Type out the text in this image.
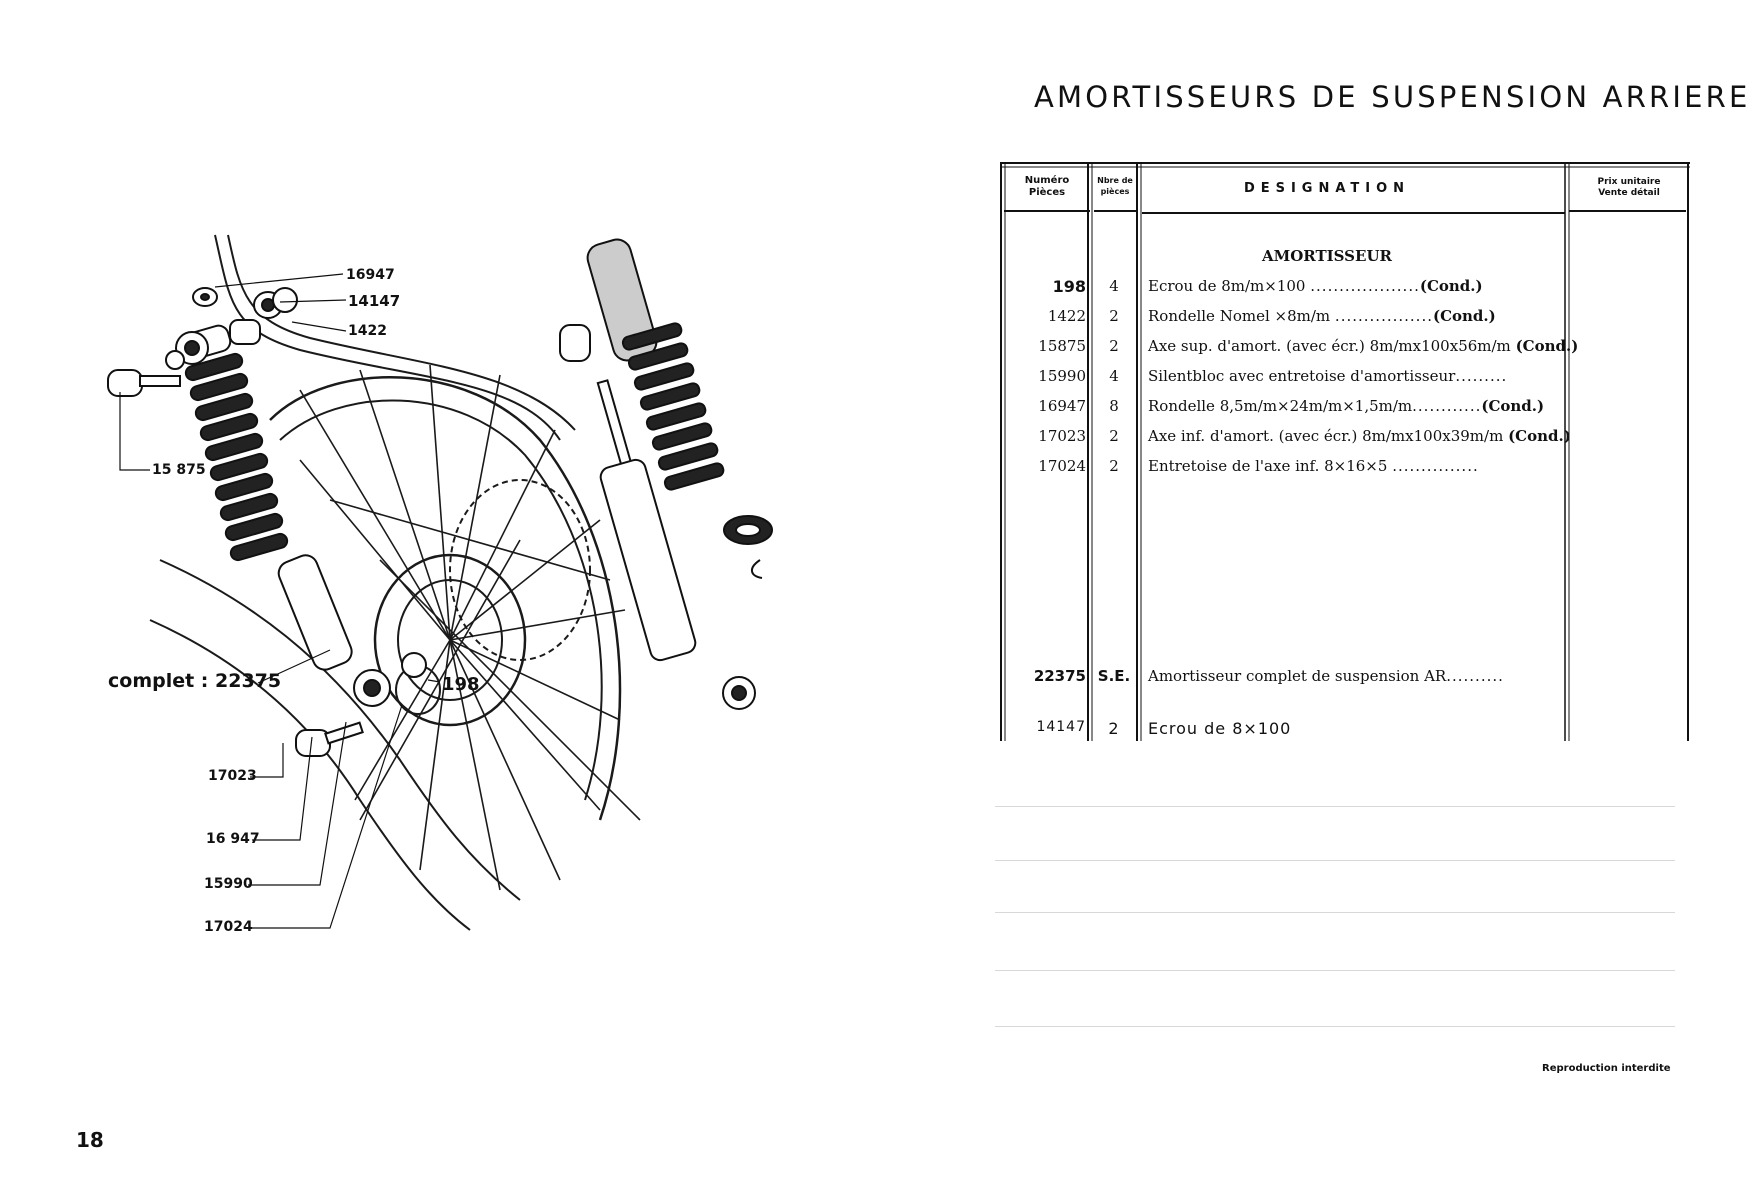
16947
14147
1422
15 875
198
complet : 22375
17023
16 947
15990
17024
18
AMORTISSEURS DE SUSPENSION ARRIERE
Numéro
Pièces
Nbre de
pièces	DESIGNATION	Prix unitaire
Vente détail
AMORTISSEUR
198	4	Ecrou de 8m/m×100 ...................(Cond.)
1422	2	Rondelle Nomel ×8m/m .................(Cond.)
15875	2	Axe sup. d'amort. (avec écr.) 8m/mx100x56m/m (Cond.)
15990	4	Silentbloc avec entretoise d'amortisseur.........
16947	8	Rondelle 8,5m/m×24m/m×1,5m/m............(Cond.)
17023	2	Axe inf. d'amort. (avec écr.) 8m/mx100x39m/m (Cond.)
17024	2	Entretoise de l'axe inf. 8×16×5 ...............
22375 S.E.	Amortisseur complet de suspension AR..........
14147	2	Ecrou de 8×100
Reproduction interdite
